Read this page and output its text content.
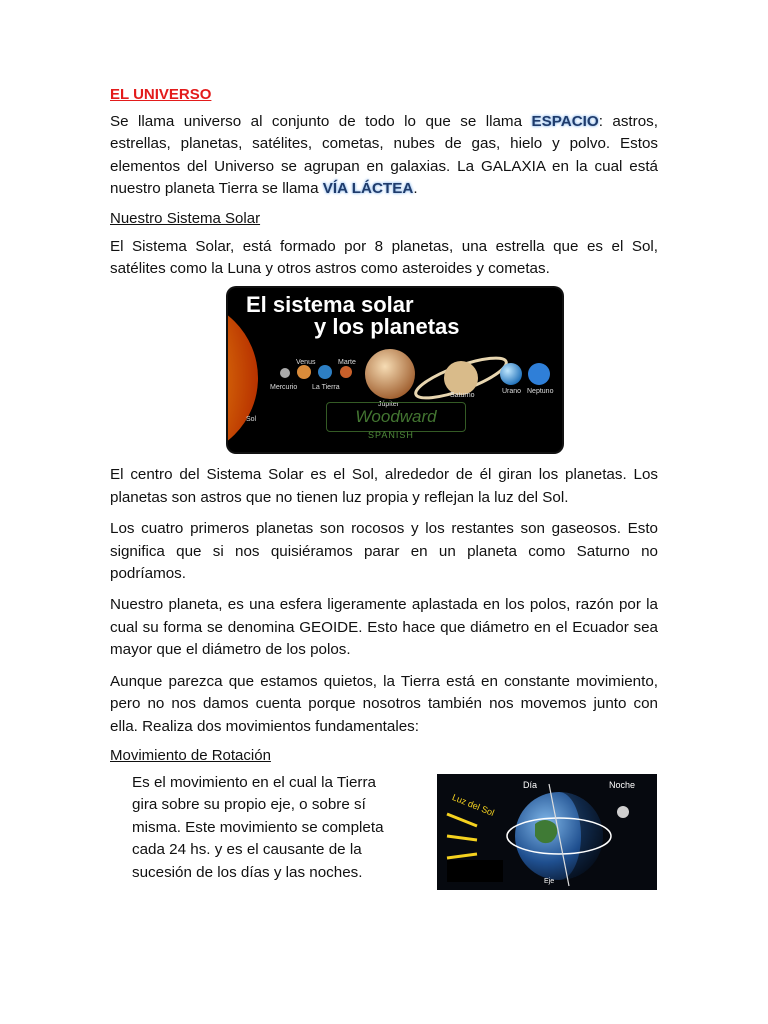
EL UNIVERSO

Se llama universo al conjunto de todo lo que se llama ESPACIO: astros, estrellas, planetas, satélites, cometas, nubes de gas, hielo y polvo. Estos elementos del Universo se agrupan en galaxias. La GALAXIA en la cual está nuestro planeta Tierra se llama VÍA LÁCTEA.

Nuestro Sistema Solar

El Sistema Solar, está formado por 8 planetas, una estrella que es el Sol, satélites como la Luna y otros astros como asteroides y cometas.

El sistema solar
y los planetas
Sol
Mercurio
Venus
La Tierra
Marte
Júpiter
Saturno
Urano Neptuno
Woodward
SPANISH

El centro del Sistema Solar es el Sol, alrededor de él giran los planetas. Los planetas son astros que no tienen luz propia y reflejan la luz del Sol.

Los cuatro primeros planetas son rocosos y los restantes son gaseosos. Esto significa que si nos quisiéramos parar en un planeta como Saturno no podríamos.

Nuestro planeta, es una esfera ligeramente aplastada en los polos, razón por la cual su forma se denomina GEOIDE. Esto hace que diámetro en el Ecuador sea mayor que el diámetro de los polos.

Aunque parezca que estamos quietos, la Tierra está en constante movimiento, pero no nos damos cuenta porque nosotros también nos movemos junto con ella. Realiza dos movimientos fundamentales:

Movimiento de Rotación
Es el movimiento en el cual la Tierra
gira sobre su propio eje, o sobre sí
misma. Este movimiento se completa
cada 24 hs. y es el causante de la
sucesión de los días y las noches.
Día	Noche
Luz del Sol
Eje
